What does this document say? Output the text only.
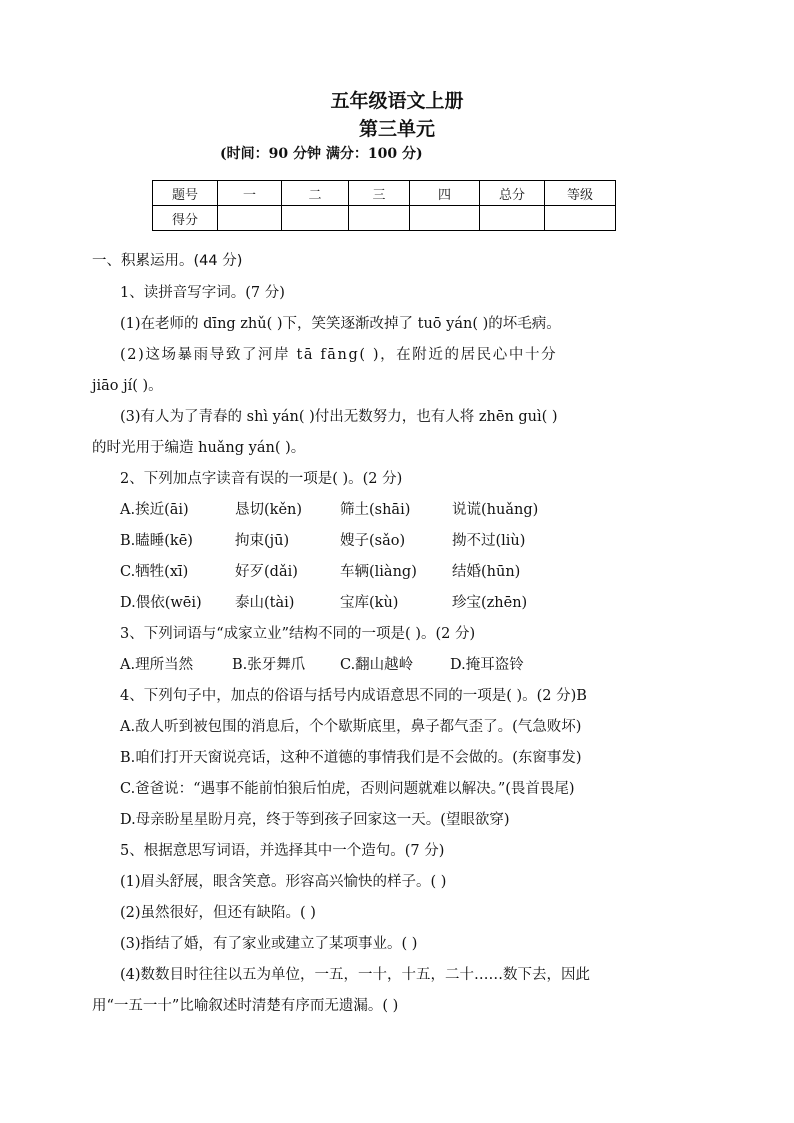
五年级语文上册
第三单元
(时间：90 分钟 满分：100 分)
题号	一	二	三	四	总分	等级
得分						
一、积累运用。(44 分)
1、读拼音写字词。(7 分)
(1)在老师的 dīng zhǔ( )下，笑笑逐渐改掉了 tuō yán( )的坏毛病。
(2)这场暴雨导致了河岸 tā fāng( )，在附近的居民心中十分
jiāo jí( )。
(3)有人为了青春的 shì yán( )付出无数努力，也有人将 zhēn guì( )
的时光用于编造 huǎng yán( )。
2、下列加点字读音有误的一项是( )。(2 分)
A.挨近(āi)	恳切(kěn)	筛土(shāi)	说谎(huǎng)
B.瞌睡(kē)	拘束(jū)	嫂子(sǎo)	拗不过(liù)
C.牺牲(xī)	好歹(dǎi)	车辆(liàng) 结婚(hūn)
D.偎依(wēi) 泰山(tài)	宝库(kù)	珍宝(zhēn)
3、下列词语与“成家立业”结构不同的一项是( )。(2 分)
A.理所当然	B.张牙舞爪 C.翻山越岭	D.掩耳盗铃
4、下列句子中，加点的俗语与括号内成语意思不同的一项是( )。(2 分)B
A.敌人听到被包围的消息后，个个歇斯底里，鼻子都气歪了。(气急败坏)
B.咱们打开天窗说亮话，这种不道德的事情我们是不会做的。(东窗事发)
C.爸爸说：“遇事不能前怕狼后怕虎，否则问题就难以解决。”(畏首畏尾)
D.母亲盼星星盼月亮，终于等到孩子回家这一天。(望眼欲穿)
5、根据意思写词语，并选择其中一个造句。(7 分)
(1)眉头舒展，眼含笑意。形容高兴愉快的样子。( )
(2)虽然很好，但还有缺陷。( )
(3)指结了婚，有了家业或建立了某项事业。( )
(4)数数目时往往以五为单位，一五，一十，十五，二十……数下去，因此
用“一五一十”比喻叙述时清楚有序而无遗漏。( )
